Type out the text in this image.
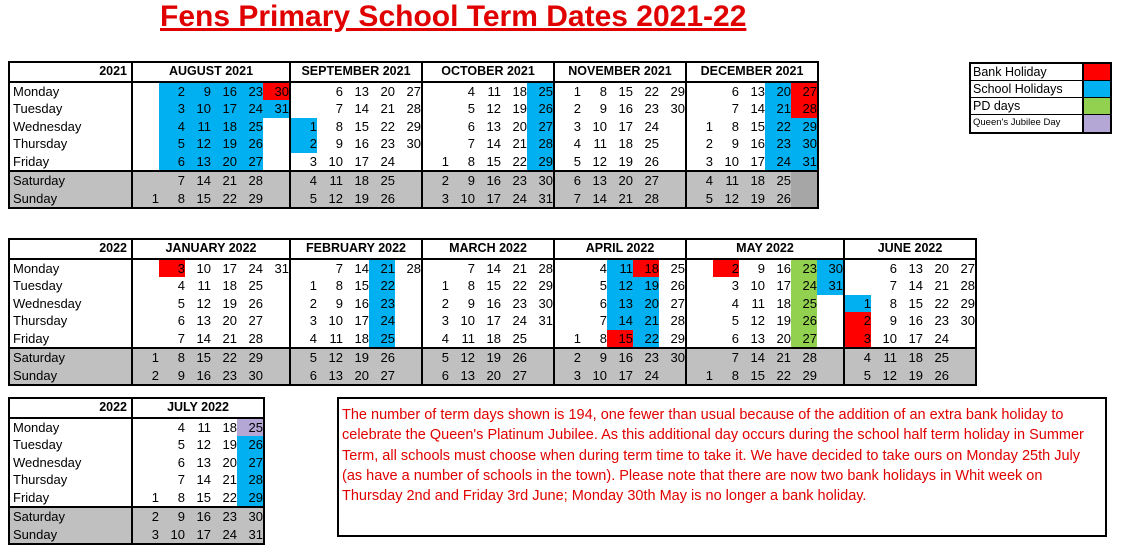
Fens Primary School Term Dates 2021-22
2021	AUGUST 2021						SEPTEMBER 2021					OCTOBER 2021					NOVEMBER 2021					DECEMBER 2021				
Monday		2	9	16	23	30		6	13	20	27		4	11	18	25	1	8	15	22	29		6	13	20	27
Tuesday		3	10	17	24	31		7	14	21	28		5	12	19	26	2	9	16	23	30		7	14	21	28
Wednesday		4	11	18	25		1	8	15	22	29		6	13	20	27	3	10	17	24		1	8	15	22	29
Thursday		5	12	19	26		2	9	16	23	30		7	14	21	28	4	11	18	25		2	9	16	23	30
Friday		6	13	20	27		3	10	17	24		1	8	15	22	29	5	12	19	26		3	10	17	24	31
Saturday		7	14	21	28		4	11	18	25		2	9	16	23	30	6	13	20	27		4	11	18	25	
Sunday	1	8	15	22	29		5	12	19	26		3	10	17	24	31	7	14	21	28		5	12	19	26	
2022	JANUARY 2022						FEBRUARY 2022					MARCH 2022					APRIL 2022					MAY 2022						JUNE 2022				
Monday		3	10	17	24	31		7	14	21	28		7	14	21	28		4	11	18	25		2	9	16	23	30		6	13	20	27
Tuesday		4	11	18	25		1	8	15	22		1	8	15	22	29		5	12	19	26		3	10	17	24	31		7	14	21	28
Wednesday		5	12	19	26		2	9	16	23		2	9	16	23	30		6	13	20	27		4	11	18	25		1	8	15	22	29
Thursday		6	13	20	27		3	10	17	24		3	10	17	24	31		7	14	21	28		5	12	19	26		2	9	16	23	30
Friday		7	14	21	28		4	11	18	25		4	11	18	25		1	8	15	22	29		6	13	20	27		3	10	17	24	
Saturday	1	8	15	22	29		5	12	19	26		5	12	19	26		2	9	16	23	30		7	14	21	28		4	11	18	25	
Sunday	2	9	16	23	30		6	13	20	27		6	13	20	27		3	10	17	24		1	8	15	22	29		5	12	19	26	
2022	JULY 2022				
Monday		4	11	18	25
Tuesday		5	12	19	26
Wednesday		6	13	20	27
Thursday		7	14	21	28
Friday	1	8	15	22	29
Saturday	2	9	16	23	30
Sunday	3	10	17	24	31
Bank Holiday
School Holidays
PD days
Queen's Jubilee Day
The number of term days shown is 194, one fewer than usual because of the addition of an extra bank holiday to celebrate the Queen's Platinum Jubilee. As this additional day occurs during the school half term holiday in Summer Term, all schools must choose when during term time to take it. We have decided to take ours on Monday 25th July (as have a number of schools in the town). Please note that there are now two bank holidays in Whit week on Thursday 2nd and Friday 3rd June; Monday 30th May is no longer a bank holiday.
